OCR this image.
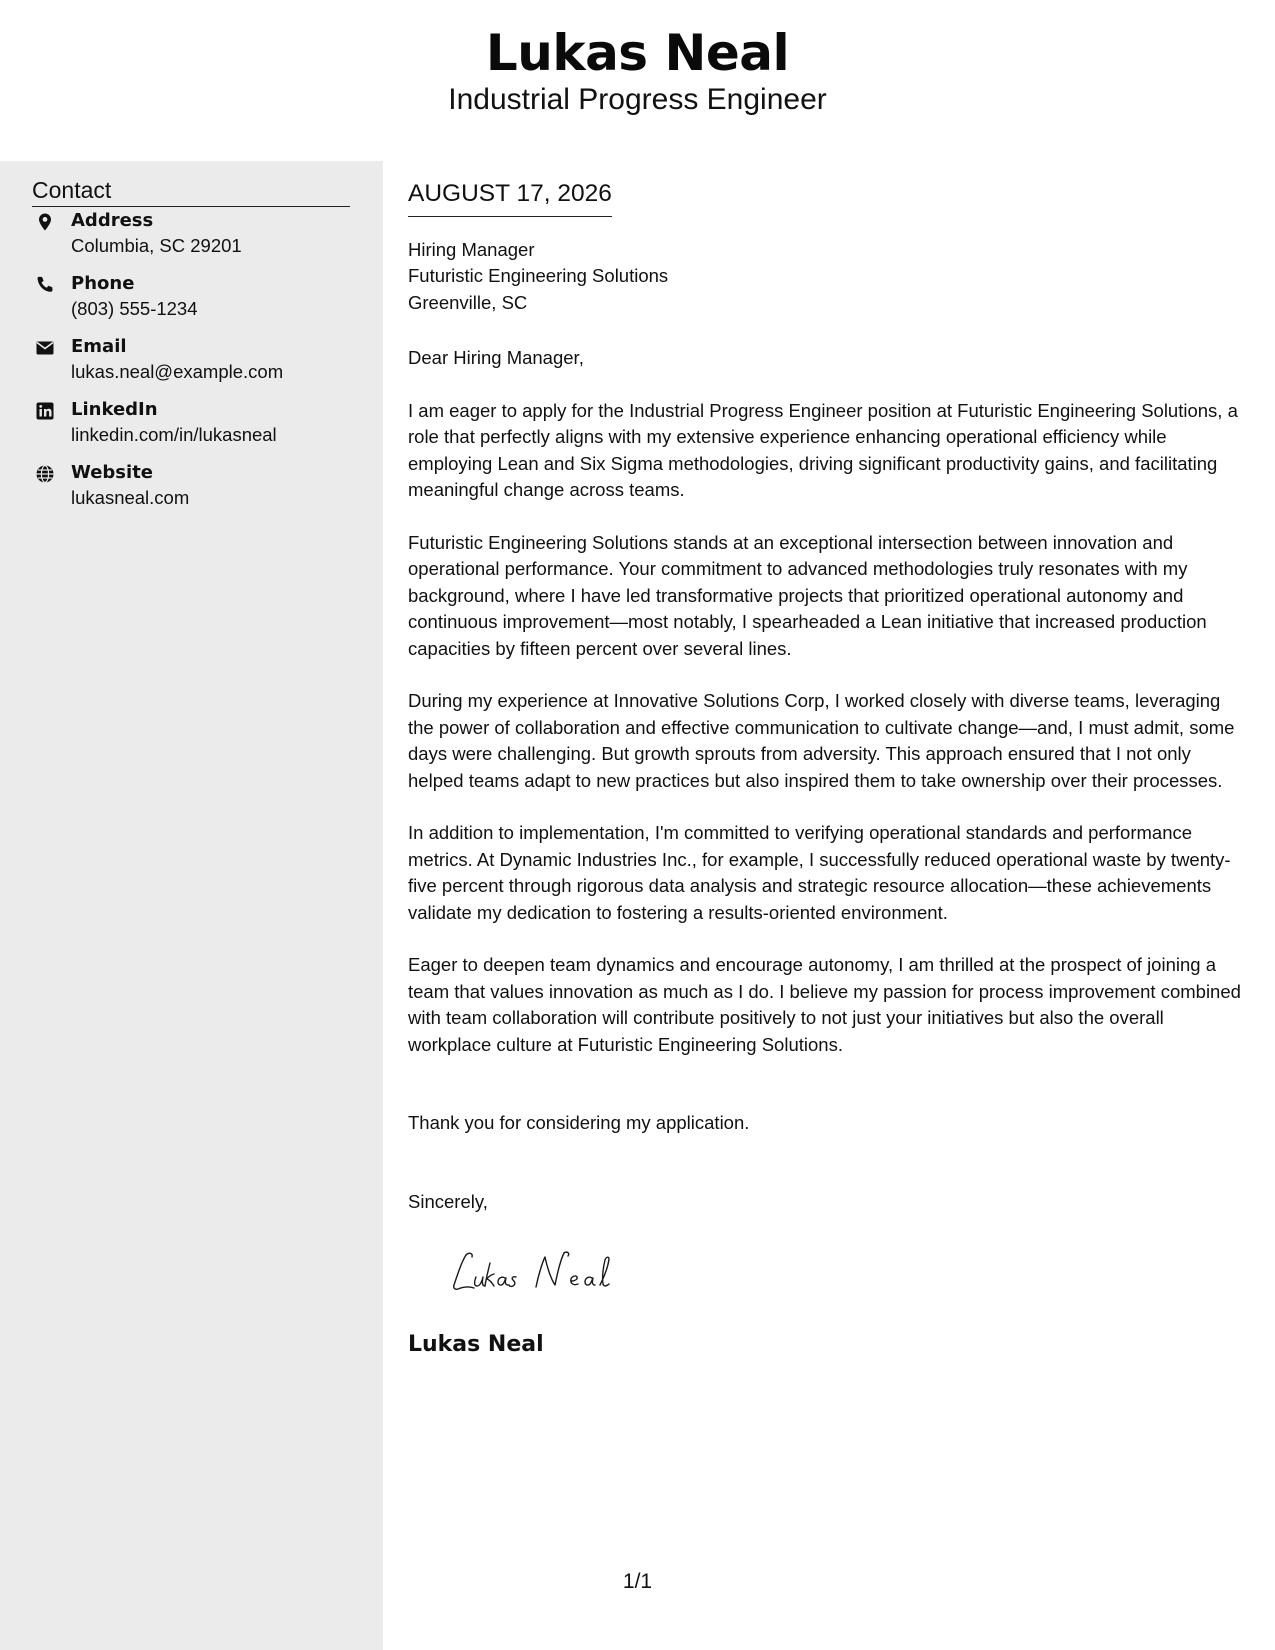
Lukas Neal
Industrial Progress Engineer
Contact
Address
Columbia, SC 29201
Phone
(803) 555-1234
Email
lukas.neal@example.com
LinkedIn
linkedin.com/in/lukasneal
Website
lukasneal.com
AUGUST 17, 2026
Hiring Manager
Futuristic Engineering Solutions
Greenville, SC
Dear Hiring Manager,

I am eager to apply for the Industrial Progress Engineer position at Futuristic Engineering Solutions, a role that perfectly aligns with my extensive experience enhancing operational efficiency while employing Lean and Six Sigma methodologies, driving significant productivity gains, and facilitating meaningful change across teams.

Futuristic Engineering Solutions stands at an exceptional intersection between innovation and operational performance. Your commitment to advanced methodologies truly resonates with my background, where I have led transformative projects that prioritized operational autonomy and continuous improvement—most notably, I spearheaded a Lean initiative that increased production capacities by fifteen percent over several lines.

During my experience at Innovative Solutions Corp, I worked closely with diverse teams, leveraging the power of collaboration and effective communication to cultivate change—and, I must admit, some days were challenging. But growth sprouts from adversity. This approach ensured that I not only helped teams adapt to new practices but also inspired them to take ownership over their processes.

In addition to implementation, I'm committed to verifying operational standards and performance metrics. At Dynamic Industries Inc., for example, I successfully reduced operational waste by twenty-five percent through rigorous data analysis and strategic resource allocation—these achievements validate my dedication to fostering a results-oriented environment.

Eager to deepen team dynamics and encourage autonomy, I am thrilled at the prospect of joining a team that values innovation as much as I do. I believe my passion for process improvement combined with team collaboration will contribute positively to not just your initiatives but also the overall workplace culture at Futuristic Engineering Solutions.

Thank you for considering my application.
Sincerely,
Lukas Neal
1/1
